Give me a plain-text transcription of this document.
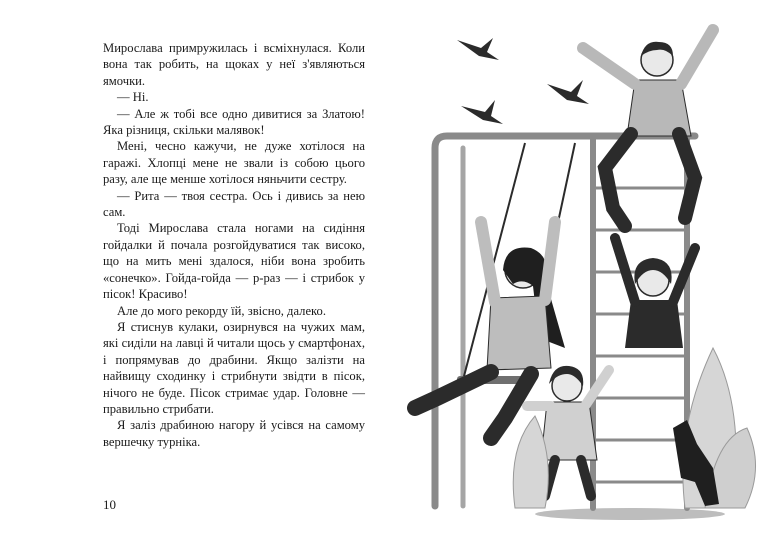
Мирослава примружилась і всміхнулася. Коли вона так робить, на щоках у неї з'являються ямочки.

— Ні.

— Але ж тобі все одно дивитися за Златою! Яка різниця, скільки малявок!

Мені, чесно кажучи, не дуже хотілося на гаражі. Хлопці мене не звали із собою цього разу, але ще менше хотілося няньчити сестру.

— Рита — твоя сестра. Ось і дивись за нею сам.

Тоді Мирослава стала ногами на сидіння гойдалки й почала розгойдуватися так високо, що на мить мені здалося, ніби вона зробить «сонечко». Гойда-гойда — р-раз — і стрибок у пісок! Красиво!

Але до мого рекорду їй, звісно, далеко.

Я стиснув кулаки, озирнувся на чужих мам, які сиділи на лавці й читали щось у смартфонах, і попрямував до драбини. Якщо залізти на найвищу сходинку і стрибнути звідти в пісок, нічого не буде. Пісок стримає удар. Головне — правильно стрибати.

Я заліз драбиною нагору й усівся на самому вершечку турніка.

10
